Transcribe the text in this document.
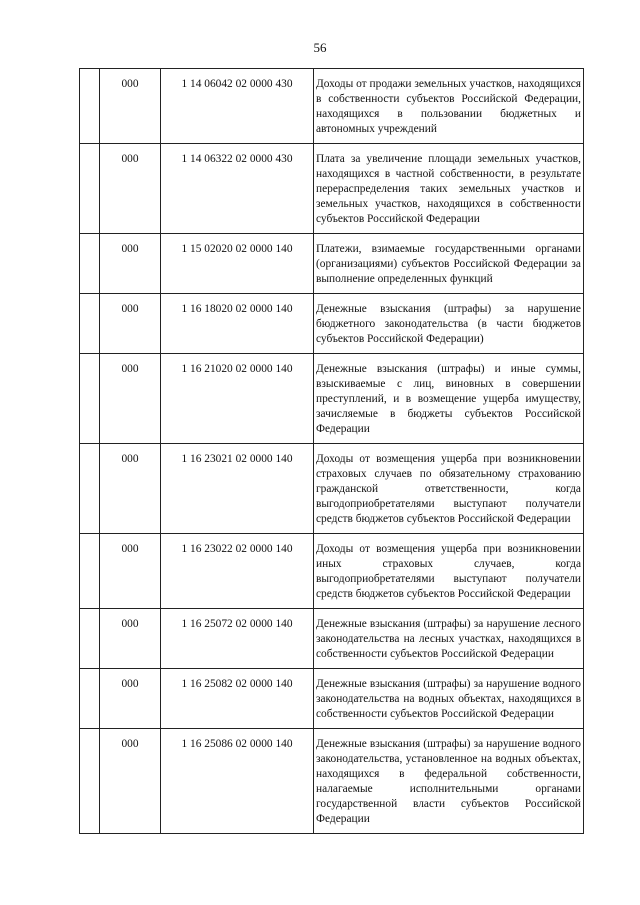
56
	000	1 14 06042 02 0000 430	Доходы от продажи земельных участков, находящихся в собственности субъектов Российской Федерации, находящихся в пользовании бюджетных и автономных учреждений
	000	1 14 06322 02 0000 430	Плата за увеличение площади земельных участков, находящихся в частной собственности, в результате перераспределения таких земельных участков и земельных участков, находящихся в собственности субъектов Российской Федерации
	000	1 15 02020 02 0000 140	Платежи, взимаемые государственными органами (организациями) субъектов Российской Федерации за выполнение определенных функций
	000	1 16 18020 02 0000 140	Денежные взыскания (штрафы) за нарушение бюджетного законодательства (в части бюджетов субъектов Российской Федерации)
	000	1 16 21020 02 0000 140	Денежные взыскания (штрафы) и иные суммы, взыскиваемые с лиц, виновных в совершении преступлений, и в возмещение ущерба имуществу, зачисляемые в бюджеты субъектов Российской Федерации
	000	1 16 23021 02 0000 140	Доходы от возмещения ущерба при возникновении страховых случаев по обязательному страхованию гражданской ответственности, когда выгодоприобретателями выступают получатели средств бюджетов субъектов Российской Федерации
	000	1 16 23022 02 0000 140	Доходы от возмещения ущерба при возникновении иных страховых случаев, когда выгодоприобретателями выступают получатели средств бюджетов субъектов Российской Федерации
	000	1 16 25072 02 0000 140	Денежные взыскания (штрафы) за нарушение лесного законодательства на лесных участках, находящихся в собственности субъектов Российской Федерации
	000	1 16 25082 02 0000 140	Денежные взыскания (штрафы) за нарушение водного законодательства на водных объектах, находящихся в собственности субъектов Российской Федерации
	000	1 16 25086 02 0000 140	Денежные взыскания (штрафы) за нарушение водного законодательства, установленное на водных объектах, находящихся в федеральной собственности, налагаемые исполнительными органами государственной власти субъектов Российской Федерации
